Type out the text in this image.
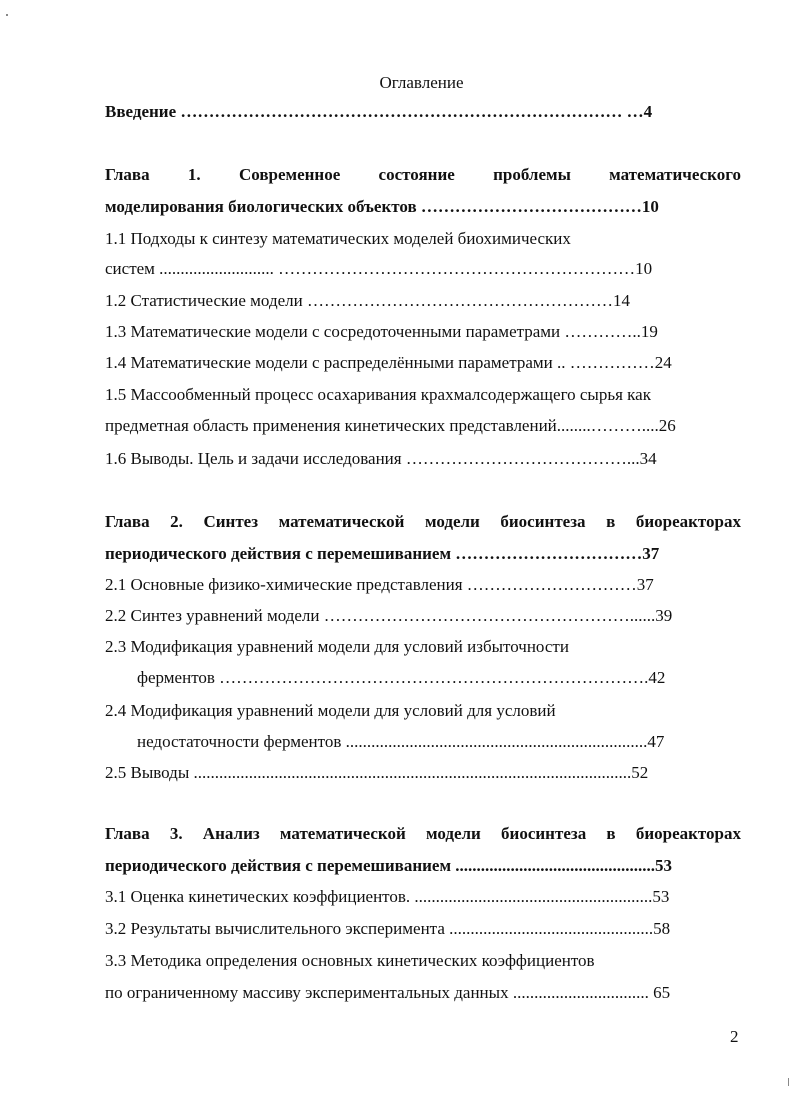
Оглавление
Введение …………………………………………………………………… …4
Глава 1. Современное состояние проблемы математического
моделирования биологических объектов …………………………………10
1.1 Подходы к синтезу математических моделей биохимических
систем ........................... ………………………………………………………10
1.2 Статистические модели ………………………………………………14
1.3 Математические модели с сосредоточенными параметрами …………..19
1.4 Математические модели с распределёнными параметрами .. ……………24
1.5 Массообменный процесс осахаривания крахмалсодержащего сырья как
предметная область применения кинетических представлений........………....26
1.6 Выводы. Цель и задачи исследования …………………………………...34
Глава 2. Синтез математической модели биосинтеза в биореакторах
периодического действия с перемешиванием ……………………………37
2.1 Основные физико-химические представления …………………………37
2.2 Синтез уравнений модели ………………………………………………......39
2.3 Модификация уравнений модели для условий избыточности
ферментов ………………………………………………………………….42
2.4 Модификация уравнений модели для условий для условий
недостаточности ферментов .......................................................................47
2.5 Выводы .......................................................................................................52
Глава 3. Анализ математической модели биосинтеза в биореакторах
периодического действия с перемешиванием ...............................................53
3.1 Оценка кинетических коэффициентов. ........................................................53
3.2 Результаты вычислительного эксперимента ................................................58
3.3 Методика определения основных кинетических коэффициентов
по ограниченному массиву экспериментальных данных ................................ 65
2
